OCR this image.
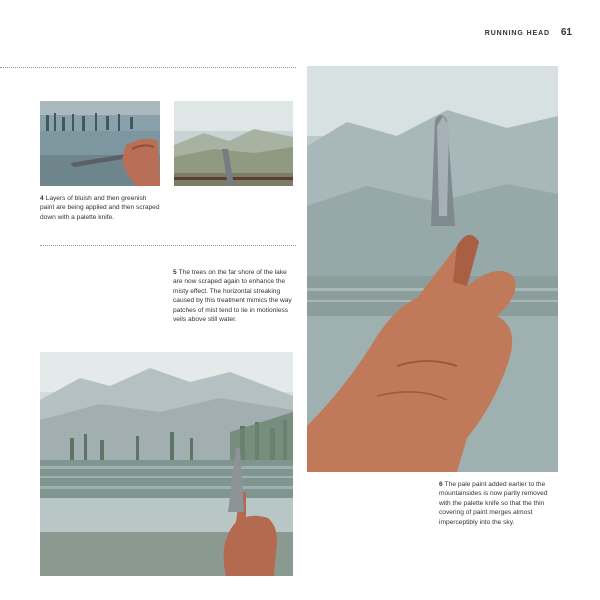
RUNNING HEAD 61
4 Layers of bluish and then greenish paint are being applied and then scraped down with a palette knife.
5 The trees on the far shore of the lake are now scraped again to enhance the misty effect. The horizontal streaking caused by this treatment mimics the way patches of mist tend to lie in motionless veils above still water.
6 The pale paint added earlier to the mountainsides is now partly removed with the palette knife so that the thin covering of paint merges almost imperceptibly into the sky.
